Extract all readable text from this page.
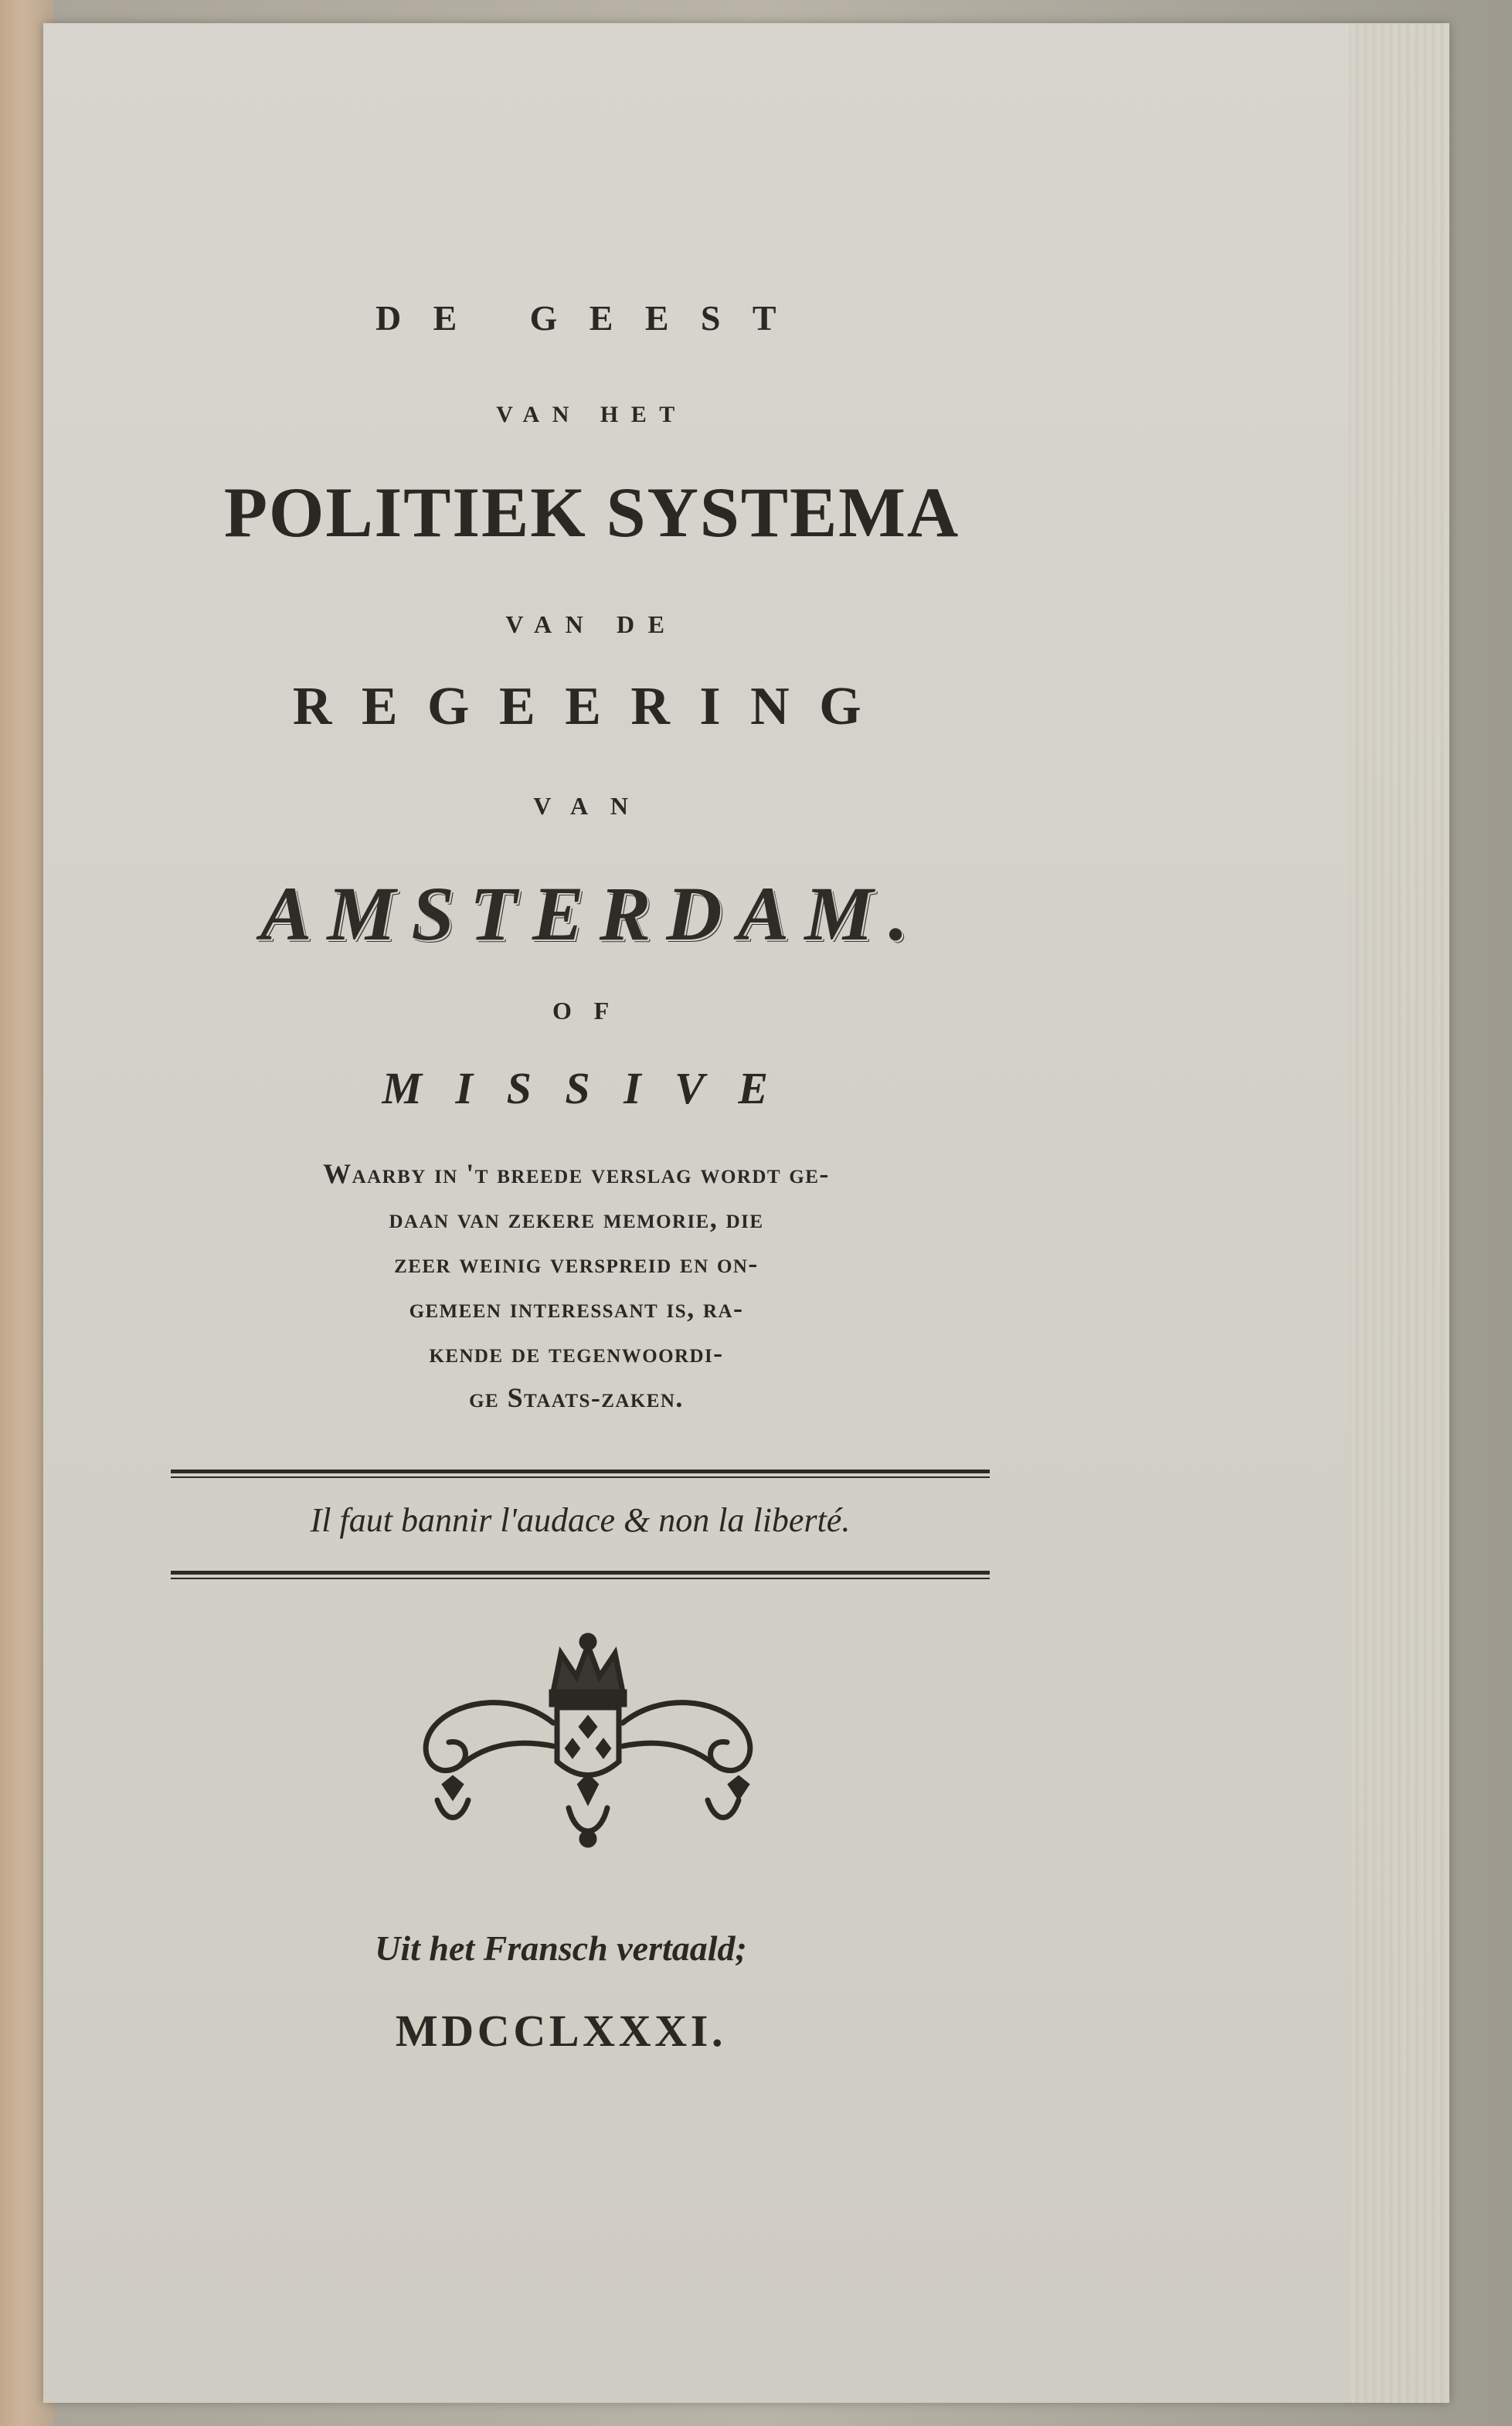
DE GEEST
VAN HET
POLITIEK SYSTEMA
VAN DE
REGEERING
VAN
AMSTERDAM.
OF
MISSIVE
Waarby in 't breede verslag wordt ge-
daan van zekere memorie, die
zeer weinig verspreid en on-
gemeen interessant is, ra-
kende de tegenwoordi-
ge Staats-zaken.
Il faut bannir l'audace & non la liberté.
Uit het Fransch vertaald;
MDCCLXXXI.
